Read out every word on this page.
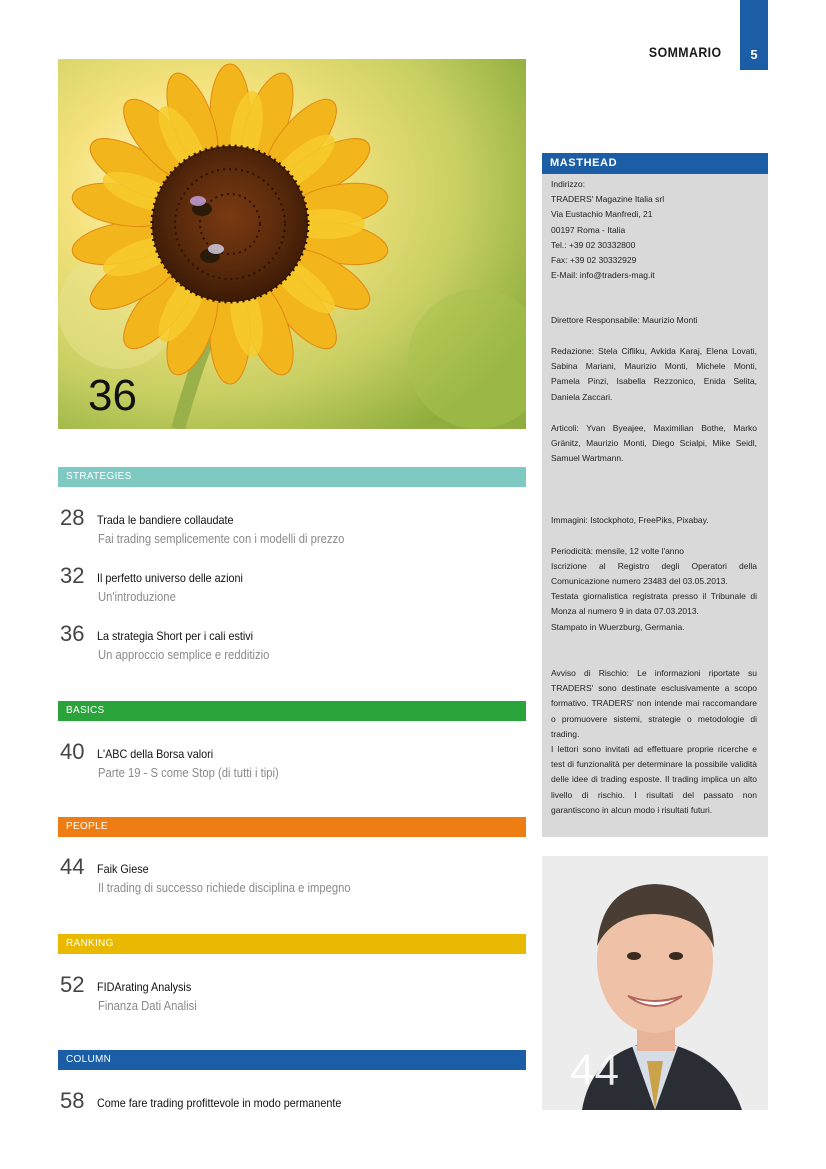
SOMMARIO	5
36
STRATEGIES
28 Trada le bandiere collaudate
Fai trading semplicemente con i modelli di prezzo
32 Il perfetto universo delle azioni
Un'introduzione
36 La strategia Short per i cali estivi
Un approccio semplice e redditizio
BASICS
40 L'ABC della Borsa valori
Parte 19 - S come Stop (di tutti i tipi)
PEOPLE
44 Faik Giese
Il trading di successo richiede disciplina e impegno
RANKING
52 FIDArating Analysis
Finanza Dati Analisi
COLUMN
58 Come fare trading profittevole in modo permanente
MASTHEAD
Indirizzo:
TRADERS' Magazine Italia srl
Via Eustachio Manfredi, 21
00197 Roma - Italia
Tel.: +39 02 30332800
Fax: +39 02 30332929
E-Mail: info@traders-mag.it

Direttore Responsabile: Maurizio Monti

Redazione: Stela Cifliku, Avkida Karaj, Elena Lovati, Sabina Mariani, Maurizio Monti, Michele Monti, Pamela Pinzi, Isabella Rezzonico, Enida Selita, Daniela Zaccari.

Articoli: Yvan Byeajee, Maximilian Bothe, Marko Gränitz, Maurizio Monti, Diego Scialpi, Mike Seidl, Samuel Wartmann.

Immagini: Istockphoto, FreePiks, Pixabay.

Periodicità: mensile, 12 volte l'anno

Iscrizione al Registro degli Operatori della Comunicazione numero 23483 del 03.05.2013.

Testata giornalistica registrata presso il Tribunale di Monza al numero 9 in data 07.03.2013.

Stampato in Wuerzburg, Germania.

Avviso di Rischio: Le informazioni riportate su TRADERS' sono destinate esclusivamente a scopo formativo. TRADERS' non intende mai raccomandare o promuovere sistemi, strategie o metodologie di trading.

I lettori sono invitati ad effettuare proprie ricerche e test di funzionalità per determinare la possibile validità delle idee di trading esposte. Il trading implica un alto livello di rischio. I risultati del passato non garantiscono in alcun modo i risultati futuri.

44
